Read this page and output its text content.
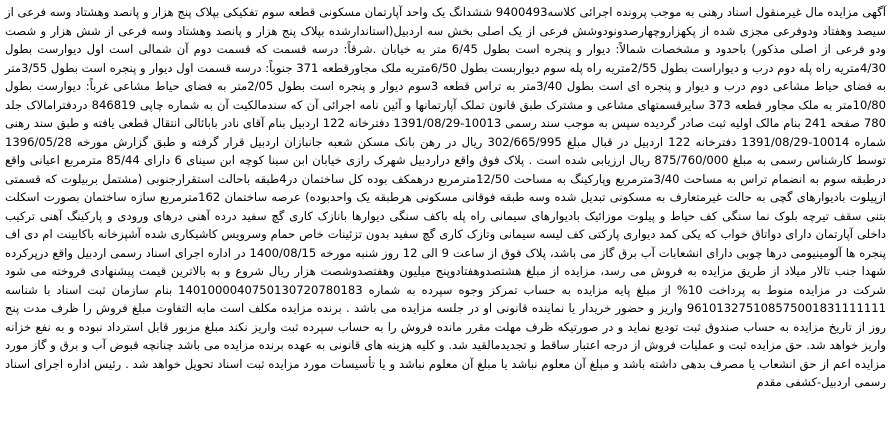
آگهی مزایده مال غیرمنقول اسناد رهنی به موجب پرونده اجرائی کلاسه9400493 ششدانگ یک واحد آپارتمان مسکونی قطعه سوم تفکیکی بپلاک پنج هزار و پانصد وهشتاد وسه فرعی از سیصد وهفتاد ودوفرعی مجزی شده از پکهزاروچهارصدونودوشش فرعی از یک اصلی بخش سه اردبیل(استاندارشده بپلاک پنج هزار و پانصد وهشتاد وسه فرعی از شش هزار و شصت ودو فرعی از اصلی مذکور) باحدود و مشخصات شمالاً: دیوار و پنجره است بطول 6/45 متر به خیابان .شرقاً: درسه قسمت که قسمت دوم آن شمالی است اول دیوارست بطول 4/30متریه راه پله دوم درب و دیواراست بطول 2/55متریه راه پله سوم دیواربست بطول 6/50متریه ملک مجاورقطعه 371 جنوباً: درسه قسمت اول دیوار و پنجره است بطول 3/55متر به فضای حیاط مشاعی دوم درب و دیوار و پنجره ای است بطول 3/40متر به تراس قطعه 3سوم دیوار و پنجره است بطول 2/05متر به فضای حیاط مشاعی غرباً: دیوارست بطول 10/80متر به ملک مجاور قطعه 373 سایرقسمتهای مشاعی و مشترک طبق قانون تملک آپارتمانها و آئین نامه اجرائی آن که سندمالکیت آن به شماره چاپی 846819 دردفترامالاک جلد 780 صفحه 241 بنام مالک اولیه ثبت صادر گردیده سپس به موجب سند رسمی 10013-1391/08/29 دفترخانه 122 اردبیل بنام آقای نادر بابائالی انتقال قطعی یافته و طبق سند رهنی شماره 10014-1391/08/29 دفترخانه 122 اردبیل در قبال مبلغ 302/665/995 ریال در رهن بانک مسکن شعبه جانبازان اردبیل قرار گرفته و طبق گزارش مورخه 1396/05/28 توسط کارشناس رسمی به مبلغ 875/760/000 ریال ارزیابی شده است . پلاک فوق واقع دراردبیل شهرک رازی خیابان ابن سینا کوچه ابن سینای 6 دارای 85/44 مترمربع اعیانی واقع درطبقه سوم به انضمام تراس به مساحت 3/40مترمربع وپارکینگ به مساحت 12/50مترمربع درهمکف بوده کل ساختمان در4طبقه باحالت استقرارجنوبی (مشتمل بربیلوت که قسمتی ازپیلوت بادیوارهای گچی به حالت غیرمتعارف به مسکونی تبدیل شده وسه طبقه فوقانی مسکونی هرطبقه یک واحدبوده) عرصه ساختمان 162مترمربع سازه ساختمان بصورت اسکلت بتنی سقف تیرچه بلوک نما سنگی کف حیاط و پیلوت موزائیک بادیوارهای سیمانی راه پله باکف سنگی دیوارها بانازک کاری گچ سفید درده آهنی درهای ورودی و پارکینگ آهنی ترکیب داخلی آپارتمان دارای دواتاق خواب که یکی کمد دیواری پارکتی کف لیسه سیمانی وتازک کاری گچ سفید بدون تزئینات خاص حمام وسرویس کاشیکاری شده آشپزخانه باکابینت ام دی اف پنجره ها آلومینیومی درها چوبی دارای انشعابات آب برق گاز می باشد، پلاک فوق از ساعت 9 الی 12 روز شنبه مورخه 1400/08/15 در اداره اجرای اسناد رسمی اردبیل واقع درپرکرده شهدا جنب تالار میلاد از طریق مزایده به فروش می رسد، مزایده از مبلغ هشتصدوهفتادوپنج میلیون وهفتصدوشصت هزار ریال شروع و به بالاترین قیمت پیشنهادی فروخته می شود شرکت در مزایده منوط به پرداخت 10% از مبلغ پایه مزایده به حساب تمرکز وجوه سپرده به شماره 1401000040750130720780183 بنام سازمان ثبت اسناد با شناسه 961013275108575001831111111 واریز و حضور خریدار یا نماینده قانونی او در جلسه مزایده می باشد . برنده مزایده مکلف است مابه التفاوت مبلغ فروش را ظرف مدت پنج روز از تاریخ مزایده به حساب صندوق ثبت تودیع نماید و در صورتیکه ظرف مهلت مقرر مانده فروش را به حساب سپرده ثبت واریز نکند مبلغ مزبور قابل استرداد نبوده و به نفع خزانه واریز خواهد شد. حق مزایده ثبت و عملیات فروش از درجه اعتبار ساقط و تجدیدمالقید شد. و کلیه هزینه های قانونی به عهده برنده مزایده می باشد چنانچه قبوض آب و برق و گاز مورد مزایده اعم از حق انشعاب یا مصرف بدهی داشته باشد و مبلغ آن معلوم نباشد یا مبلغ آن معلوم نباشد و یا تأسیسات مورد مزایده ثبت اسناد تحویل خواهد شد . رئیس اداره اجرای اسناد رسمی اردبیل-کشفی مقدم
